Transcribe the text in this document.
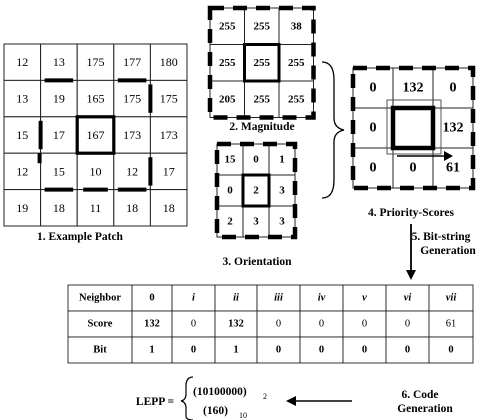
12 13 175 177 180
13 19 165 175 175
15 17 167 173 173
12 15 10 12 17
19 18 11 18 18
1. Example Patch
255 255 38
255 255 255
205 255 255
2. Magnitude
15 0 1
0 2 3
2 3 3
3. Orientation
0 132 0
0	132
0 0 61
4. Priority-Scores
5. Bit-string
Generation
Neighbor	0	i	ii	iii	iv	v	vi	vii
Score	132	0	132	0	0	0	0	61
Bit	1	0	1	0	0	0	0	0
LEPP =
(10100000) 2
(160) 10
6. Code
Generation
